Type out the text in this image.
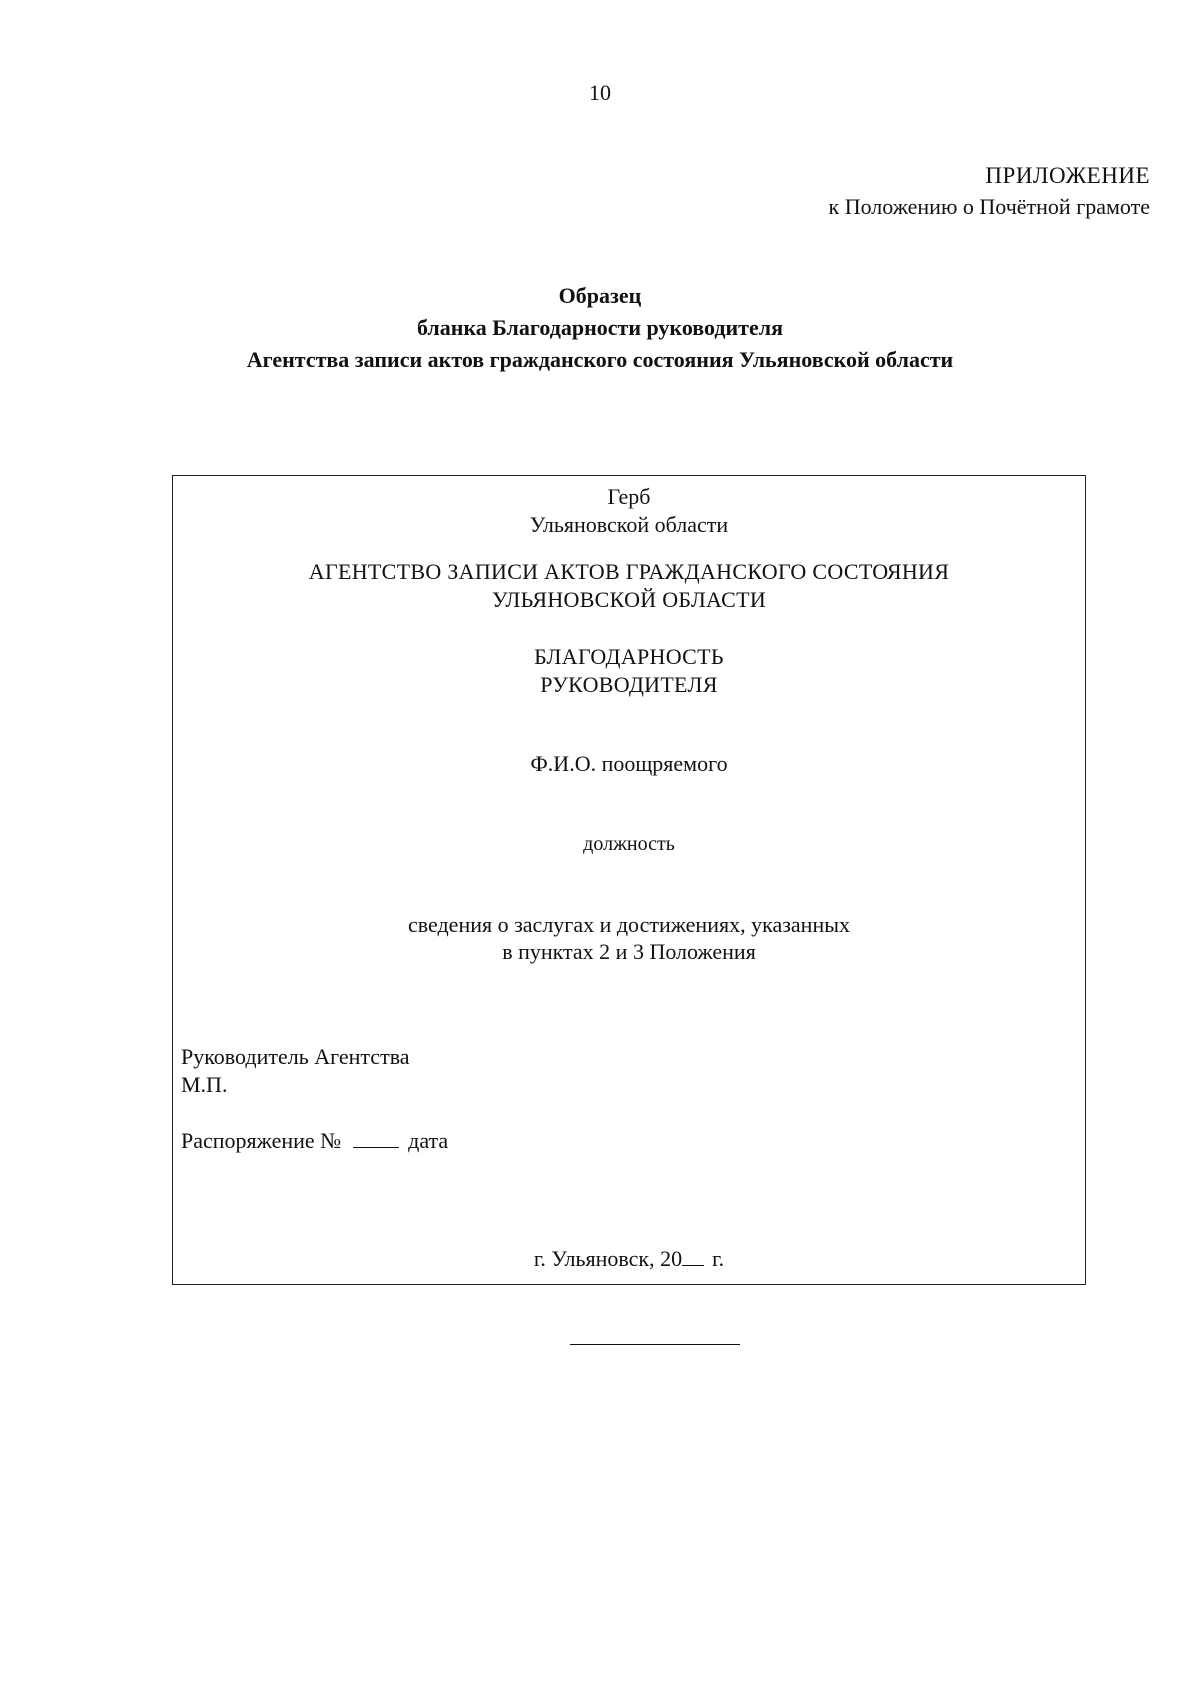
10
ПРИЛОЖЕНИЕ
к Положению о Почётной грамоте
Образец
бланка Благодарности руководителя
Агентства записи актов гражданского состояния Ульяновской области
Герб
Ульяновской области
АГЕНТСТВО ЗАПИСИ АКТОВ ГРАЖДАНСКОГО СОСТОЯНИЯ
УЛЬЯНОВСКОЙ ОБЛАСТИ
БЛАГОДАРНОСТЬ
РУКОВОДИТЕЛЯ
Ф.И.О. поощряемого
должность
сведения о заслугах и достижениях, указанных
в пунктах 2 и 3 Положения
Руководитель Агентства
М.П.
Распоряжение №	дата
г. Ульяновск, 20 г.
